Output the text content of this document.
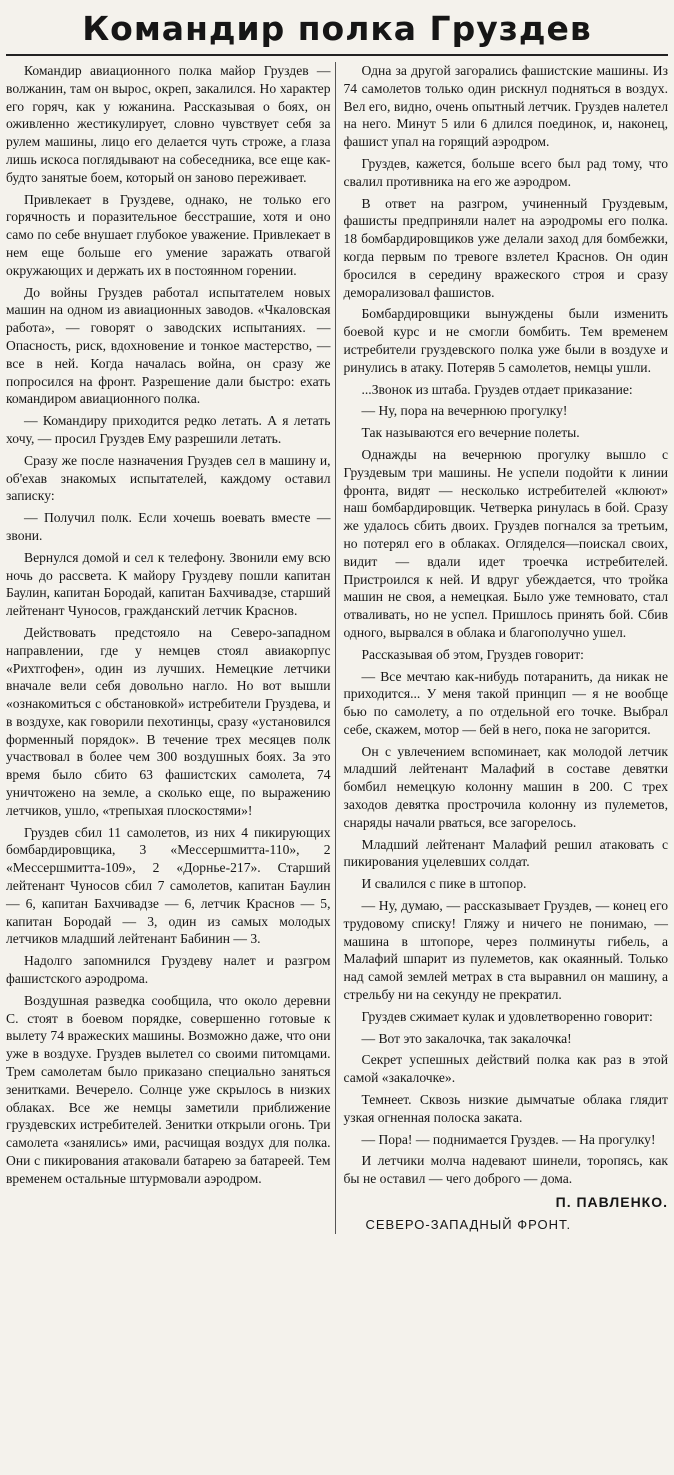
Командир полка Груздев

Командир авиационного полка майор Груздев — волжанин, там он вырос, окреп, закалился. Но характер его горяч, как у южанина. Рассказывая о боях, он оживленно жестикулирует, словно чувствует себя за рулем машины, лицо его делается чуть строже, а глаза лишь искоса поглядывают на собеседника, все еще как-будто занятые боем, который он заново переживает.

Привлекает в Груздеве, однако, не только его горячность и поразительное бесстрашие, хотя и оно само по себе внушает глубокое уважение. Привлекает в нем еще больше его умение заражать отвагой окружающих и держать их в постоянном горении.

До войны Груздев работал испытателем новых машин на одном из авиационных заводов. «Чкаловская работа», — говорят о заводских испытаниях. — Опасность, риск, вдохновение и тонкое мастерство, — все в ней. Когда началась война, он сразу же попросился на фронт. Разрешение дали быстро: ехать командиром авиационного полка.

— Командиру приходится редко летать. А я летать хочу, — просил Груздев Ему разрешили летать.

Сразу же после назначения Груздев сел в машину и, об'ехав знакомых испытателей, каждому оставил записку:

— Получил полк. Если хочешь воевать вместе — звони.

Вернулся домой и сел к телефону. Звонили ему всю ночь до рассвета. К майору Груздеву пошли капитан Баулин, капитан Бородай, капитан Бахчивадзе, старший лейтенант Чуносов, гражданский летчик Краснов.

Действовать предстояло на Северо-западном направлении, где у немцев стоял авиакорпус «Рихтгофен», один из лучших. Немецкие летчики вначале вели себя довольно нагло. Но вот вышли «ознакомиться с обстановкой» истребители Груздева, и в воздухе, как говорили пехотинцы, сразу «установился форменный порядок». В течение трех месяцев полк участвовал в более чем 300 воздушных боях. За это время было сбито 63 фашистских самолета, 74 уничтожено на земле, а сколько еще, по выражению летчиков, ушло, «трепыхая плоскостями»!

Груздев сбил 11 самолетов, из них 4 пикирующих бомбардировщика, 3 «Мессершмитта-110», 2 «Мессершмитта-109», 2 «Дорнье-217». Старший лейтенант Чуносов сбил 7 самолетов, капитан Баулин — 6, капитан Бахчивадзе — 6, летчик Краснов — 5, капитан Бородай — 3, один из самых молодых летчиков младший лейтенант Бабинин — 3.

Надолго запомнился Груздеву налет и разгром фашистского аэродрома.

Воздушная разведка сообщила, что около деревни С. стоят в боевом порядке, совершенно готовые к вылету 74 вражеских машины. Возможно даже, что они уже в воздухе. Груздев вылетел со своими питомцами. Трем самолетам было приказано специально заняться зенитками. Вечерело. Солнце уже скрылось в низких облаках. Все же немцы заметили приближение груздевских истребителей. Зенитки открыли огонь. Три самолета «занялись» ими, расчищая воздух для полка. Они с пикирования атаковали батарею за батареей. Тем временем остальные штурмовали аэродром.

Одна за другой загорались фашистские машины. Из 74 самолетов только один рискнул подняться в воздух. Вел его, видно, очень опытный летчик. Груздев налетел на него. Минут 5 или 6 длился поединок, и, наконец, фашист упал на горящий аэродром.

Груздев, кажется, больше всего был рад тому, что свалил противника на его же аэродром.

В ответ на разгром, учиненный Груздевым, фашисты предприняли налет на аэродромы его полка. 18 бомбардировщиков уже делали заход для бомбежки, когда первым по тревоге взлетел Краснов. Он один бросился в середину вражеского строя и сразу деморализовал фашистов.

Бомбардировщики вынуждены были изменить боевой курс и не смогли бомбить. Тем временем истребители груздевского полка уже были в воздухе и ринулись в атаку. Потеряв 5 самолетов, немцы ушли.

...Звонок из штаба. Груздев отдает приказание:

— Ну, пора на вечернюю прогулку!

Так называются его вечерние полеты.

Однажды на вечернюю прогулку вышло с Груздевым три машины. Не успели подойти к линии фронта, видят — несколько истребителей «клюют» наш бомбардировщик. Четверка ринулась в бой. Сразу же удалось сбить двоих. Груздев погнался за третьим, но потерял его в облаках. Огляделся—поискал своих, видит — вдали идет троечка истребителей. Пристроился к ней. И вдруг убеждается, что тройка машин не своя, а немецкая. Было уже темновато, стал отваливать, но не успел. Пришлось принять бой. Сбив одного, вырвался в облака и благополучно ушел.

Рассказывая об этом, Груздев говорит:

— Все мечтаю как-нибудь потаранить, да никак не приходится... У меня такой принцип — я не вообще бью по самолету, а по отдельной его точке. Выбрал себе, скажем, мотор — бей в него, пока не загорится.

Он с увлечением вспоминает, как молодой летчик младший лейтенант Малафий в составе девятки бомбил немецкую колонну машин в 200. С трех заходов девятка прострочила колонну из пулеметов, снаряды начали рваться, все загорелось.

Младший лейтенант Малафий решил атаковать с пикирования уцелевших солдат.

И свалился с пике в штопор.

— Ну, думаю, — рассказывает Груздев, — конец его трудовому списку! Гляжу и ничего не понимаю, — машина в штопоре, через полминуты гибель, а Малафий шпарит из пулеметов, как окаянный. Только над самой землей метрах в ста выравнил он машину, а стрельбу ни на секунду не прекратил.

Груздев сжимает кулак и удовлетворенно говорит:

— Вот это закалочка, так закалочка!

Секрет успешных действий полка как раз в этой самой «закалочке».

Темнеет. Сквозь низкие дымчатые облака глядит узкая огненная полоска заката.

— Пора! — поднимается Груздев. — На прогулку!

И летчики молча надевают шинели, торопясь, как бы не оставил — чего доброго — дома.

П. ПАВЛЕНКО.
СЕВЕРО-ЗАПАДНЫЙ ФРОНТ.
